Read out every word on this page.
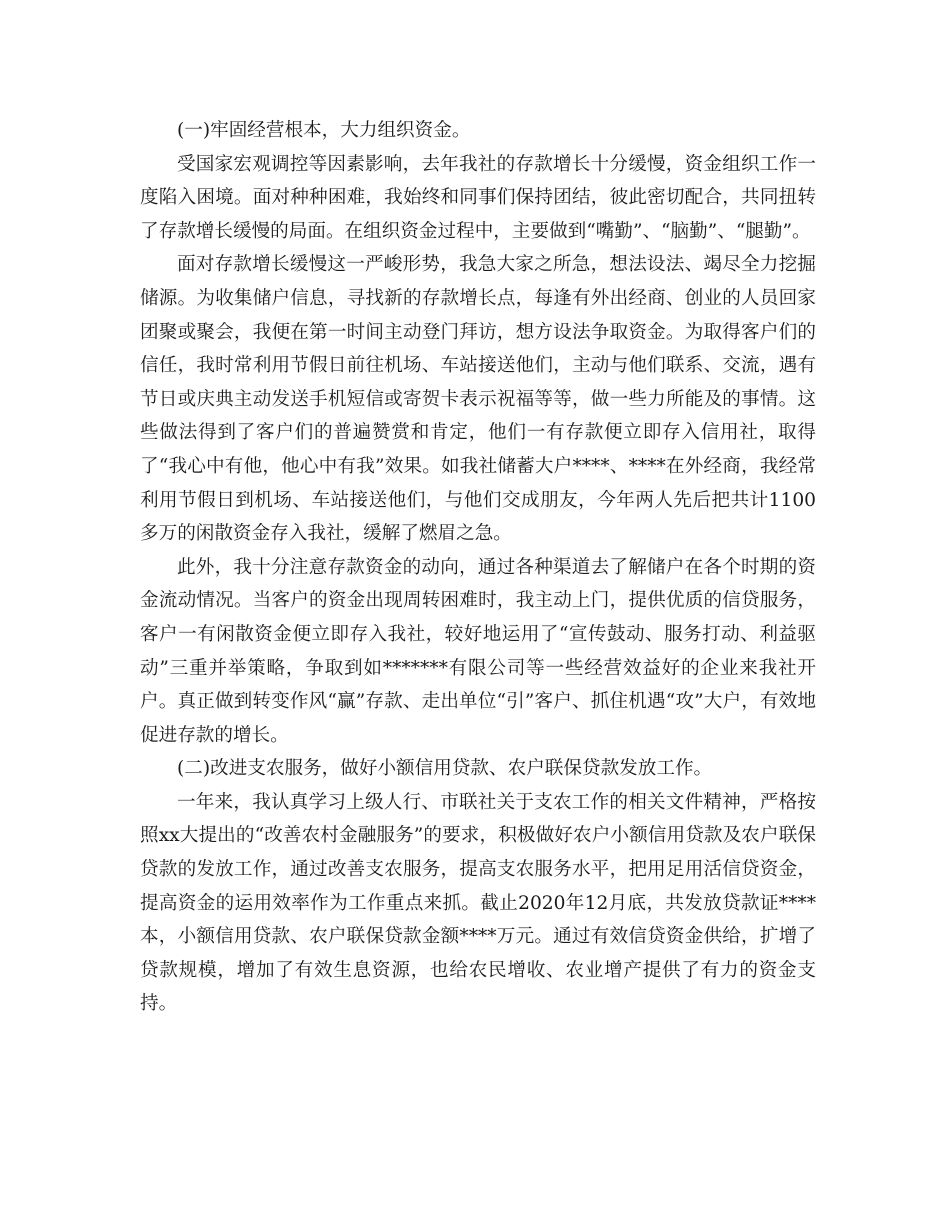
(一)牢固经营根本，大力组织资金。

受国家宏观调控等因素影响，去年我社的存款增长十分缓慢，资金组织工作一度陷入困境。面对种种困难，我始终和同事们保持团结，彼此密切配合，共同扭转了存款增长缓慢的局面。在组织资金过程中，主要做到“嘴勤”、“脑勤”、“腿勤”。

面对存款增长缓慢这一严峻形势，我急大家之所急，想法设法、竭尽全力挖掘储源。为收集储户信息，寻找新的存款增长点，每逢有外出经商、创业的人员回家团聚或聚会，我便在第一时间主动登门拜访，想方设法争取资金。为取得客户们的信任，我时常利用节假日前往机场、车站接送他们，主动与他们联系、交流，遇有节日或庆典主动发送手机短信或寄贺卡表示祝福等等，做一些力所能及的事情。这些做法得到了客户们的普遍赞赏和肯定，他们一有存款便立即存入信用社，取得了“我心中有他，他心中有我”效果。如我社储蓄大户****、****在外经商，我经常利用节假日到机场、车站接送他们，与他们交成朋友，今年两人先后把共计1100多万的闲散资金存入我社，缓解了燃眉之急。

此外，我十分注意存款资金的动向，通过各种渠道去了解储户在各个时期的资金流动情况。当客户的资金出现周转困难时，我主动上门，提供优质的信贷服务，客户一有闲散资金便立即存入我社，较好地运用了“宣传鼓动、服务打动、利益驱动”三重并举策略，争取到如*******有限公司等一些经营效益好的企业来我社开户。真正做到转变作风“赢”存款、走出单位“引”客户、抓住机遇“攻”大户，有效地促进存款的增长。

(二)改进支农服务，做好小额信用贷款、农户联保贷款发放工作。

一年来，我认真学习上级人行、市联社关于支农工作的相关文件精神，严格按照xx大提出的“改善农村金融服务”的要求，积极做好农户小额信用贷款及农户联保贷款的发放工作，通过改善支农服务，提高支农服务水平，把用足用活信贷资金，提高资金的运用效率作为工作重点来抓。截止2020年12月底，共发放贷款证****本，小额信用贷款、农户联保贷款金额****万元。通过有效信贷资金供给，扩增了贷款规模，增加了有效生息资源，也给农民增收、农业增产提供了有力的资金支持。
